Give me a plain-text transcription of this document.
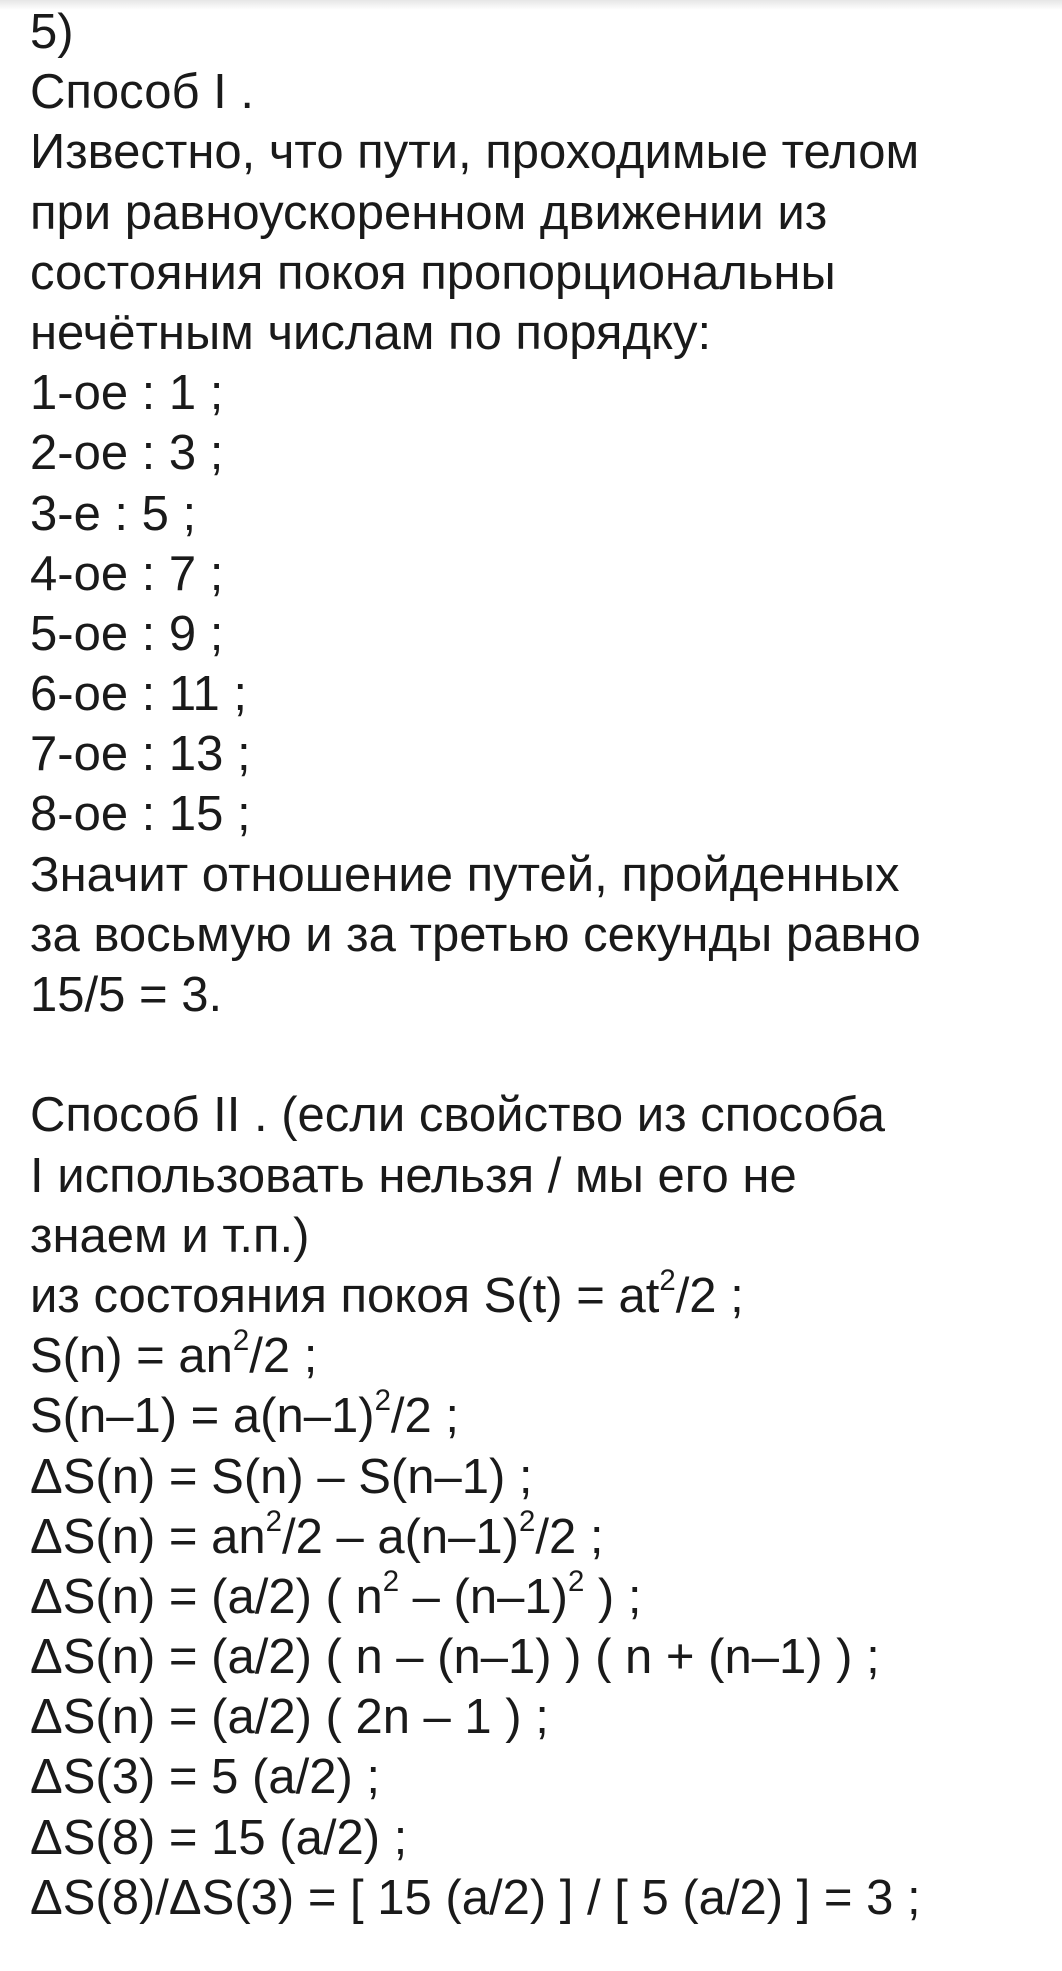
5)
Способ I .
Известно, что пути, проходимые телом
при равноускоренном движении из
состояния покоя пропорциональны
нечётным числам по порядку:
1-ое : 1 ;
2-ое : 3 ;
3-е : 5 ;
4-ое : 7 ;
5-ое : 9 ;
6-ое : 11 ;
7-ое : 13 ;
8-ое : 15 ;
Значит отношение путей, пройденных
за восьмую и за третью секунды равно
15/5 = 3.
Способ II . (если свойство из способа
I использовать нельзя / мы его не
знаем и т.п.)
из состояния покоя $S(t) = at^2/2$ ;
$S(n) = an^2/2$ ;
$S(n-1) = a(n-1)^2/2$ ;
ΔS(n) = S(n) – S(n–1) ;
$\Delta S(n) = an^2/2 - a(n-1)^2/2$ ;
ΔS(n) = (a/2) ( $n^2 - (n-1)^2$ ) ;
ΔS(n) = (a/2) ( n – (n–1) ) ( n + (n–1) ) ;
ΔS(n) = (a/2) ( 2n – 1 ) ;
ΔS(3) = 5 (a/2) ;
ΔS(8) = 15 (a/2) ;
ΔS(8)/ΔS(3) = [ 15 (a/2) ] / [ 5 (a/2) ] = 3 ;
